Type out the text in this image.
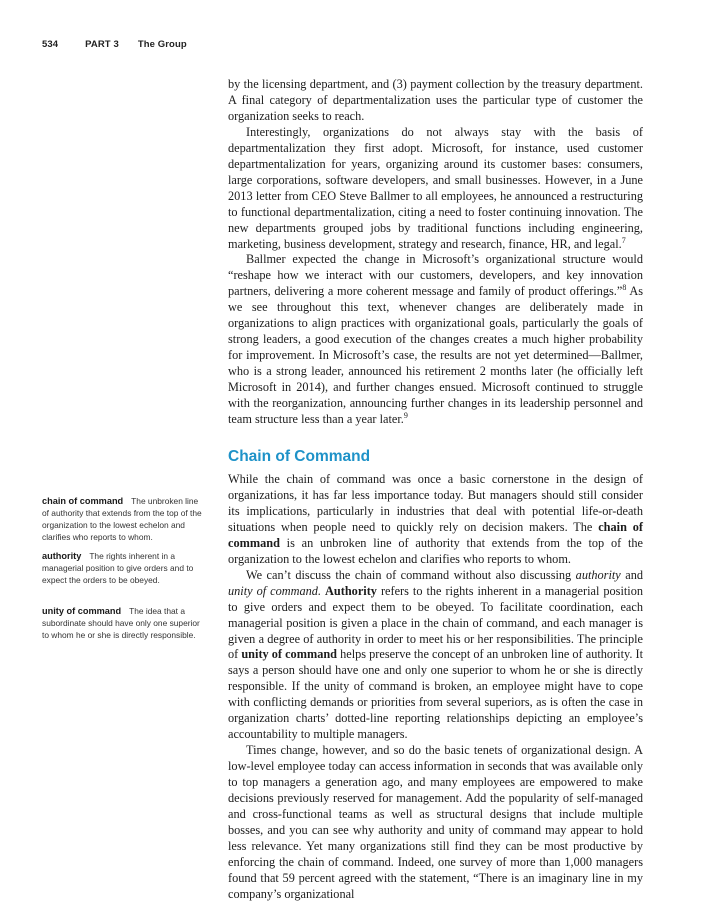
534	PART 3 The Group

by the licensing department, and (3) payment collection by the treasury department. A final category of departmentalization uses the particular type of customer the organization seeks to reach.

Interestingly, organizations do not always stay with the basis of departmentalization they first adopt. Microsoft, for instance, used customer departmentalization for years, organizing around its customer bases: consumers, large corporations, software developers, and small businesses. However, in a June 2013 letter from CEO Steve Ballmer to all employees, he announced a restructuring to functional departmentalization, citing a need to foster continuing innovation. The new departments grouped jobs by traditional functions including engineering, marketing, business development, strategy and research, finance, HR, and legal.$^7$

Ballmer expected the change in Microsoft’s organizational structure would “reshape how we interact with our customers, developers, and key innovation partners, delivering a more coherent message and family of product offerings.”$^8$ As we see throughout this text, whenever changes are deliberately made in organizations to align practices with organizational goals, particularly the goals of strong leaders, a good execution of the changes creates a much higher probability for improvement. In Microsoft’s case, the results are not yet determined—Ballmer, who is a strong leader, announced his retirement 2 months later (he officially left Microsoft in 2014), and further changes ensued. Microsoft continued to struggle with the reorganization, announcing further changes in its leadership personnel and team structure less than a year later.$^9$

Chain of Command

While the chain of command was once a basic cornerstone in the design of organizations, it has far less importance today. But managers should still consider its implications, particularly in industries that deal with potential life-or-death situations when people need to quickly rely on decision makers. The chain of command is an unbroken line of authority that extends from the top of the organization to the lowest echelon and clarifies who reports to whom.

We can’t discuss the chain of command without also discussing authority and unity of command. Authority refers to the rights inherent in a managerial position to give orders and expect them to be obeyed. To facilitate coordination, each managerial position is given a place in the chain of command, and each manager is given a degree of authority in order to meet his or her responsibilities. The principle of unity of command helps preserve the concept of an unbroken line of authority. It says a person should have one and only one superior to whom he or she is directly responsible. If the unity of command is broken, an employee might have to cope with conflicting demands or priorities from several superiors, as is often the case in organization charts’ dotted-line reporting relationships depicting an employee’s accountability to multiple managers.

Times change, however, and so do the basic tenets of organizational design. A low-level employee today can access information in seconds that was available only to top managers a generation ago, and many employees are empowered to make decisions previously reserved for management. Add the popularity of self-managed and cross-functional teams as well as structural designs that include multiple bosses, and you can see why authority and unity of command may appear to hold less relevance. Yet many organizations still find they can be most productive by enforcing the chain of command. Indeed, one survey of more than 1,000 managers found that 59 percent agreed with the statement, “There is an imaginary line in my company’s organizational

chain of command The unbroken line of authority that extends from the top of the organization to the lowest echelon and clarifies who reports to whom.
authority The rights inherent in a managerial position to give orders and to expect the orders to be obeyed.
unity of command The idea that a subordinate should have only one superior to whom he or she is directly responsible.
